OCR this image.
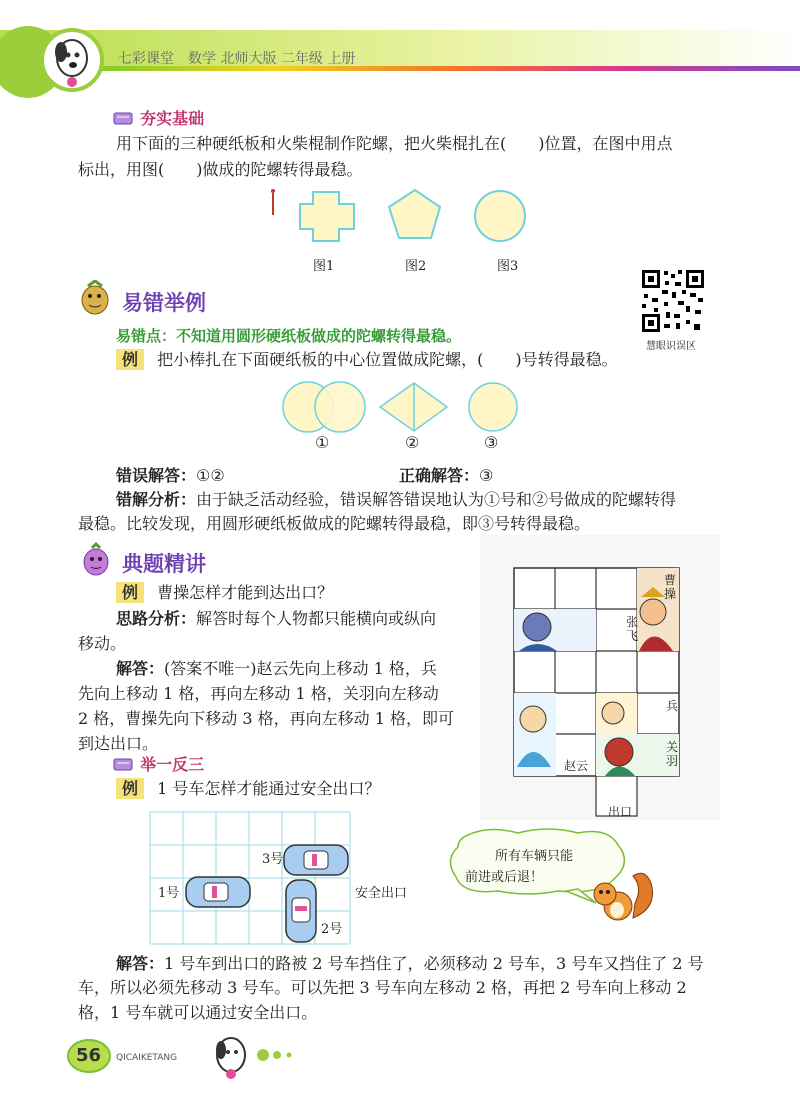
七彩课堂　数学 北师大版 二年级 上册
夯实基础
用下面的三种硬纸板和火柴棍制作陀螺，把火柴棍扎在(　　)位置，在图中用点
标出，用图(　　)做成的陀螺转得最稳。
图1	图2	图3
易错举例
慧眼识误区
易错点：不知道用圆形硬纸板做成的陀螺转得最稳。
例 把小棒扎在下面硬纸板的中心位置做成陀螺，(　　)号转得最稳。
①	②	③
错误解答：①②	正确解答：③
错解分析：由于缺乏活动经验，错误解答错误地认为①号和②号做成的陀螺转得
最稳。比较发现，用圆形硬纸板做成的陀螺转得最稳，即③号转得最稳。
典题精讲
例 曹操怎样才能到达出口？
思路分析：解答时每个人物都只能横向或纵向
移动。
解答：(答案不唯一)赵云先向上移动 1 格，兵
先向上移动 1 格，再向左移动 1 格，关羽向左移动
2 格，曹操先向下移动 3 格，再向左移动 1 格，即可
到达出口。
曹操
张飞
兵
赵云
关羽
出口
举一反三
例 1 号车怎样才能通过安全出口？
1号
2号
3号
安全出口
所有车辆只能
前进或后退！
解答：1 号车到出口的路被 2 号车挡住了，必须移动 2 号车，3 号车又挡住了 2 号
车，所以必须先移动 3 号车。可以先把 3 号车向左移动 2 格，再把 2 号车向上移动 2
格，1 号车就可以通过安全出口。
56 QICAIKETANG
